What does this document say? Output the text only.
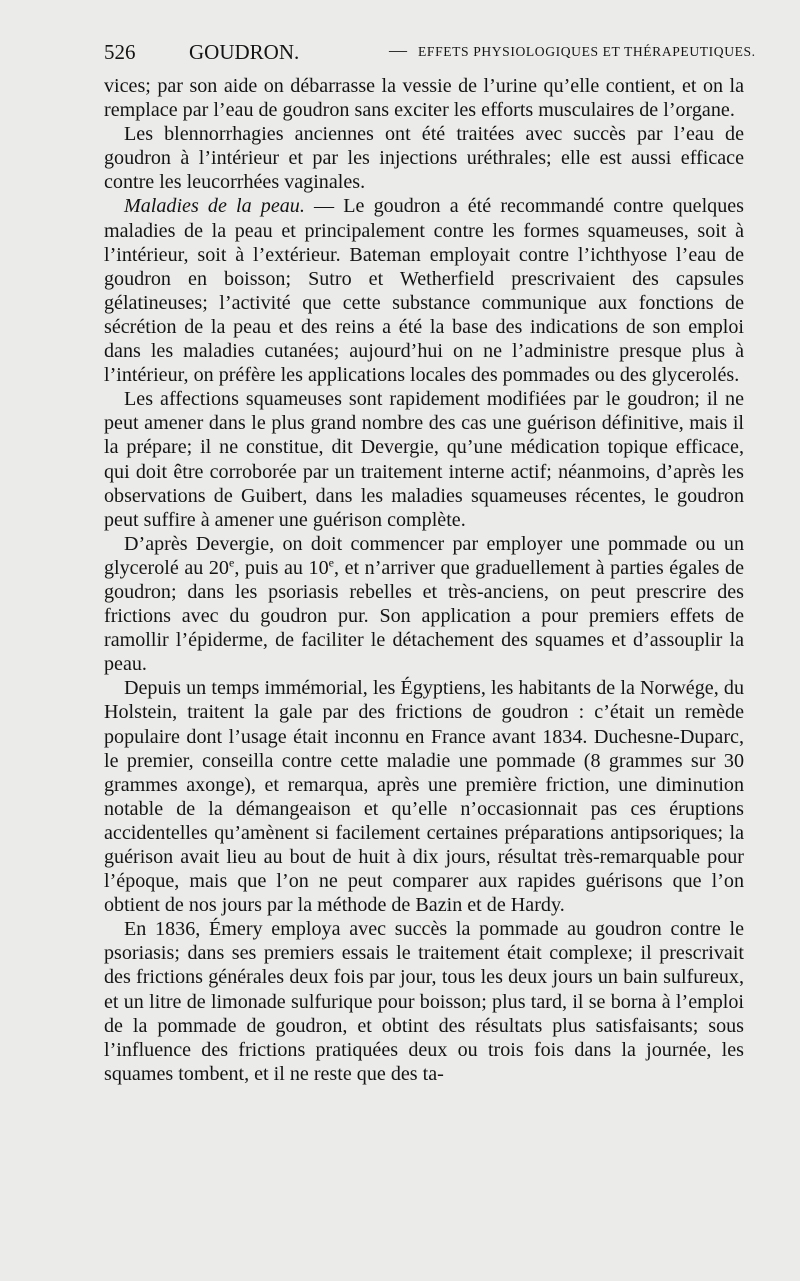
526	GOUDRON.	— EFFETS PHYSIOLOGIQUES ET THÉRAPEUTIQUES.

vices; par son aide on débarrasse la vessie de l’urine qu’elle contient, et on la remplace par l’eau de goudron sans exciter les efforts musculaires de l’organe.

Les blennorrhagies anciennes ont été traitées avec succès par l’eau de goudron à l’intérieur et par les injections uréthrales; elle est aussi efficace contre les leucorrhées vaginales.

Maladies de la peau. — Le goudron a été recommandé contre quelques maladies de la peau et principalement contre les formes squameuses, soit à l’intérieur, soit à l’extérieur. Bateman employait contre l’ichthyose l’eau de goudron en boisson; Sutro et Wetherfield prescrivaient des capsules gélatineuses; l’activité que cette substance communique aux fonctions de sécrétion de la peau et des reins a été la base des indications de son emploi dans les maladies cutanées; aujourd’hui on ne l’administre presque plus à l’intérieur, on préfère les applications locales des pommades ou des glycerolés.

Les affections squameuses sont rapidement modifiées par le goudron; il ne peut amener dans le plus grand nombre des cas une guérison définitive, mais il la prépare; il ne constitue, dit Devergie, qu’une médication topique efficace, qui doit être corroborée par un traitement interne actif; néanmoins, d’après les observations de Guibert, dans les maladies squameuses récentes, le goudron peut suffire à amener une guérison complète.

D’après Devergie, on doit commencer par employer une pommade ou un glycerolé au 20e, puis au 10e, et n’arriver que graduellement à parties égales de goudron; dans les psoriasis rebelles et très-anciens, on peut prescrire des frictions avec du goudron pur. Son application a pour premiers effets de ramollir l’épiderme, de faciliter le détachement des squames et d’assouplir la peau.

Depuis un temps immémorial, les Égyptiens, les habitants de la Norwége, du Holstein, traitent la gale par des frictions de goudron : c’était un remède populaire dont l’usage était inconnu en France avant 1834. Duchesne-Duparc, le premier, conseilla contre cette maladie une pommade (8 grammes sur 30 grammes axonge), et remarqua, après une première friction, une diminution notable de la démangeaison et qu’elle n’occasionnait pas ces éruptions accidentelles qu’amènent si facilement certaines préparations antipsoriques; la guérison avait lieu au bout de huit à dix jours, résultat très-remarquable pour l’époque, mais que l’on ne peut comparer aux rapides guérisons que l’on obtient de nos jours par la méthode de Bazin et de Hardy.

En 1836, Émery employa avec succès la pommade au goudron contre le psoriasis; dans ses premiers essais le traitement était complexe; il prescrivait des frictions générales deux fois par jour, tous les deux jours un bain sulfureux, et un litre de limonade sulfurique pour boisson; plus tard, il se borna à l’emploi de la pommade de goudron, et obtint des résultats plus satisfaisants; sous l’influence des frictions pratiquées deux ou trois fois dans la journée, les squames tombent, et il ne reste que des ta-
